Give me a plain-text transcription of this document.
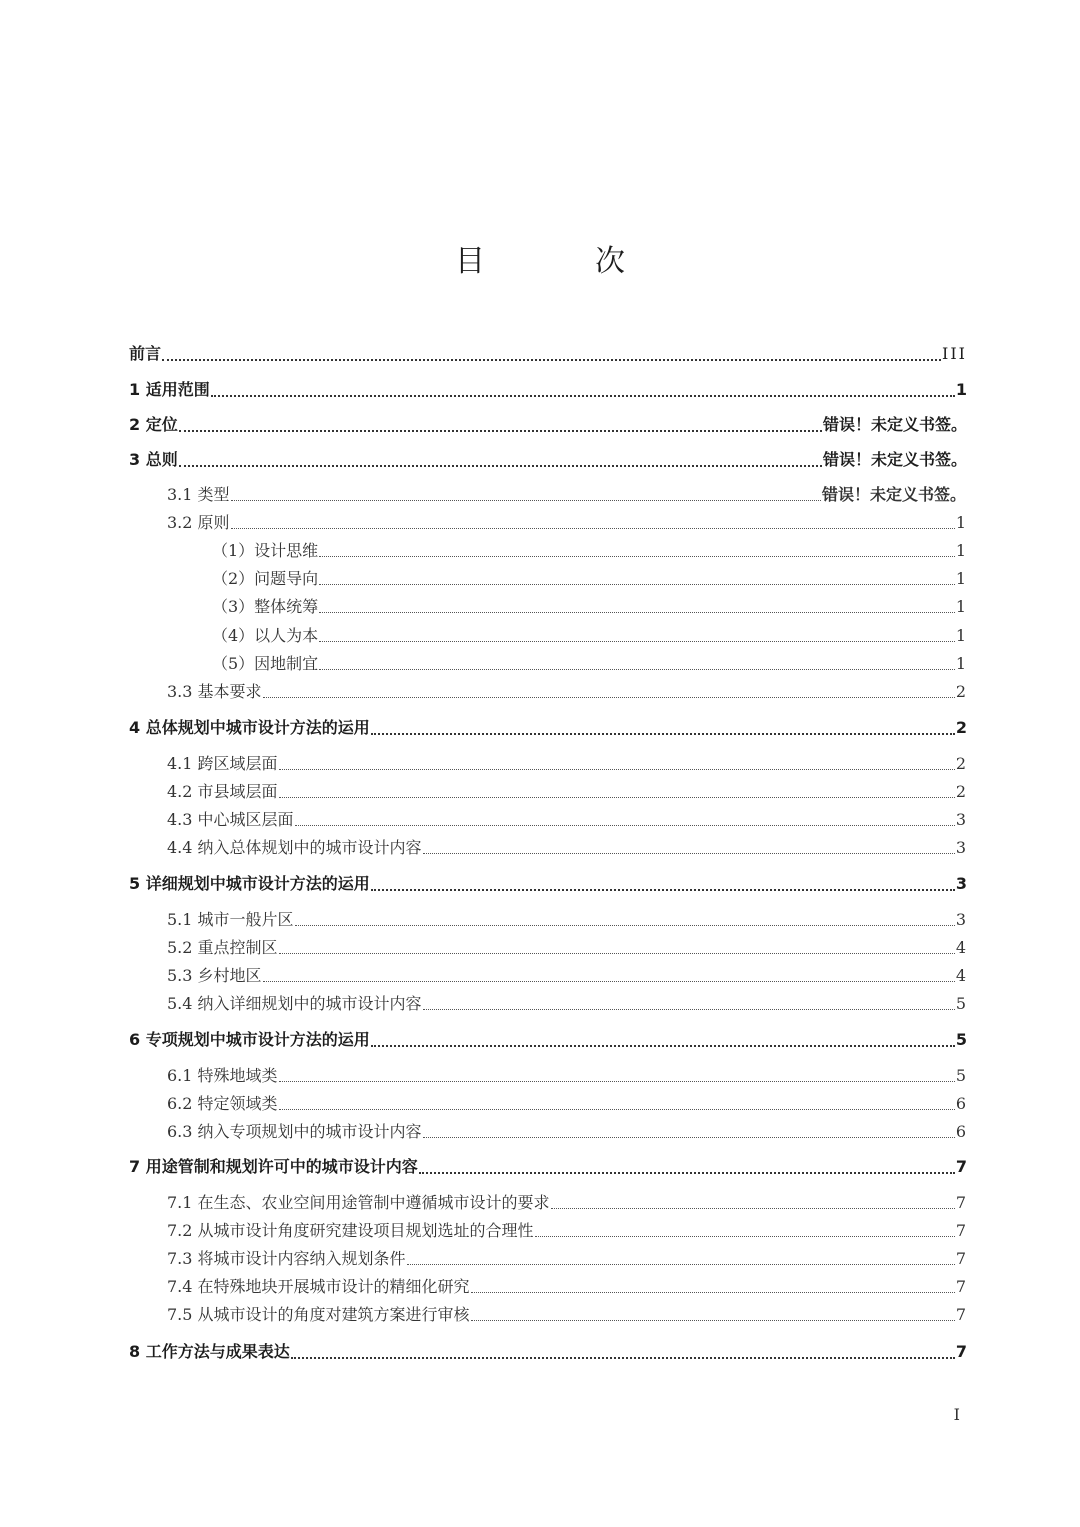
目　次
前言	III
1 适用范围	1
2 定位	错误！未定义书签。
3 总则	错误！未定义书签。
3.1 类型	错误！未定义书签。
3.2 原则	1
（1）设计思维	1
（2）问题导向	1
（3）整体统筹	1
（4）以人为本	1
（5）因地制宜	1
3.3 基本要求	2
4 总体规划中城市设计方法的运用	2
4.1 跨区域层面	2
4.2 市县域层面	2
4.3 中心城区层面	3
4.4 纳入总体规划中的城市设计内容	3
5 详细规划中城市设计方法的运用	3
5.1 城市一般片区	3
5.2 重点控制区	4
5.3 乡村地区	4
5.4 纳入详细规划中的城市设计内容	5
6 专项规划中城市设计方法的运用	5
6.1 特殊地域类	5
6.2 特定领域类	6
6.3 纳入专项规划中的城市设计内容	6
7 用途管制和规划许可中的城市设计内容	7
7.1 在生态、农业空间用途管制中遵循城市设计的要求	7
7.2 从城市设计角度研究建设项目规划选址的合理性	7
7.3 将城市设计内容纳入规划条件	7
7.4 在特殊地块开展城市设计的精细化研究	7
7.5 从城市设计的角度对建筑方案进行审核	7
8 工作方法与成果表达	7
I
